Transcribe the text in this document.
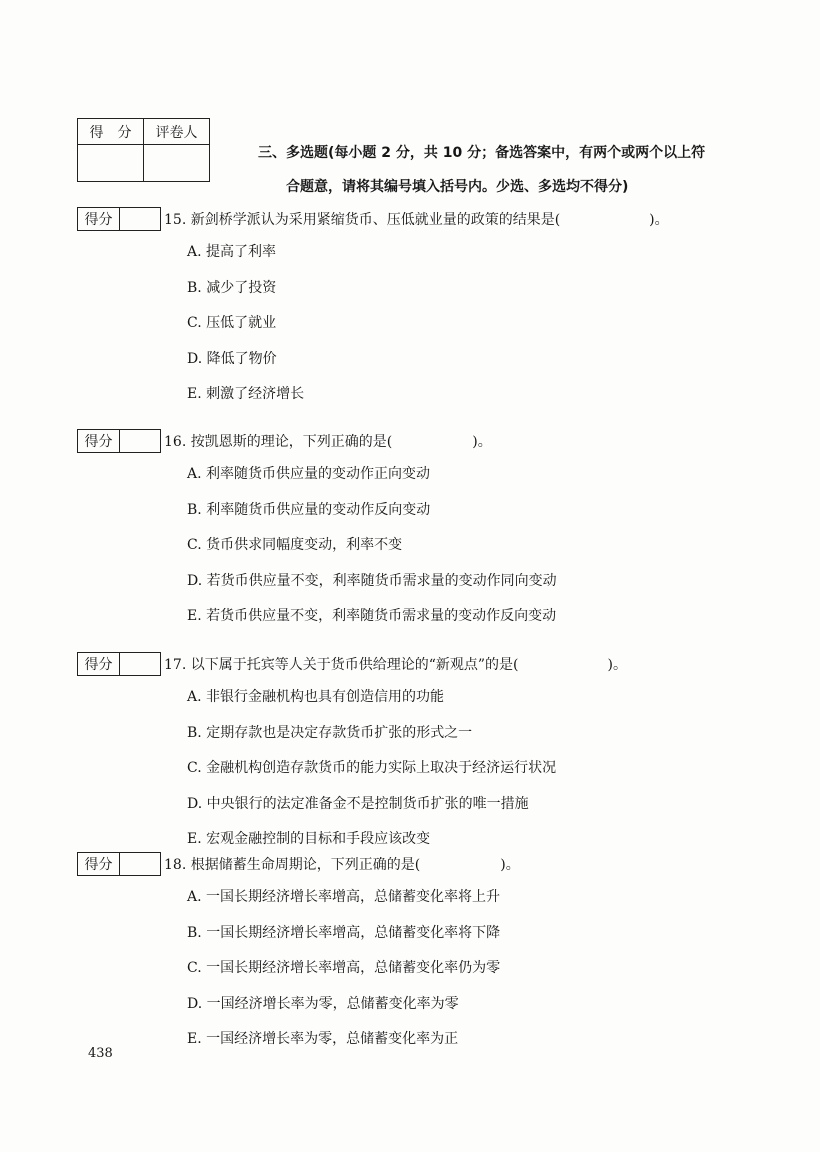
得　分	评卷人
三、多选题(每小题 2 分，共 10 分；备选答案中，有两个或两个以上符
合题意，请将其编号填入括号内。少选、多选均不得分)
得分	15. 新剑桥学派认为采用紧缩货币、压低就业量的政策的结果是(                    )。
A. 提高了利率
B. 减少了投资
C. 压低了就业
D. 降低了物价
E. 刺激了经济增长
得分	16. 按凯恩斯的理论，下列正确的是(                  )。
A. 利率随货币供应量的变动作正向变动
B. 利率随货币供应量的变动作反向变动
C. 货币供求同幅度变动，利率不变
D. 若货币供应量不变，利率随货币需求量的变动作同向变动
E. 若货币供应量不变，利率随货币需求量的变动作反向变动
得分	17. 以下属于托宾等人关于货币供给理论的“新观点”的是(                    )。
A. 非银行金融机构也具有创造信用的功能
B. 定期存款也是决定存款货币扩张的形式之一
C. 金融机构创造存款货币的能力实际上取决于经济运行状况
D. 中央银行的法定准备金不是控制货币扩张的唯一措施
E. 宏观金融控制的目标和手段应该改变
得分	18. 根据储蓄生命周期论，下列正确的是(                  )。
A. 一国长期经济增长率增高，总储蓄变化率将上升
B. 一国长期经济增长率增高，总储蓄变化率将下降
C. 一国长期经济增长率增高，总储蓄变化率仍为零
D. 一国经济增长率为零，总储蓄变化率为零
E. 一国经济增长率为零，总储蓄变化率为正
438
